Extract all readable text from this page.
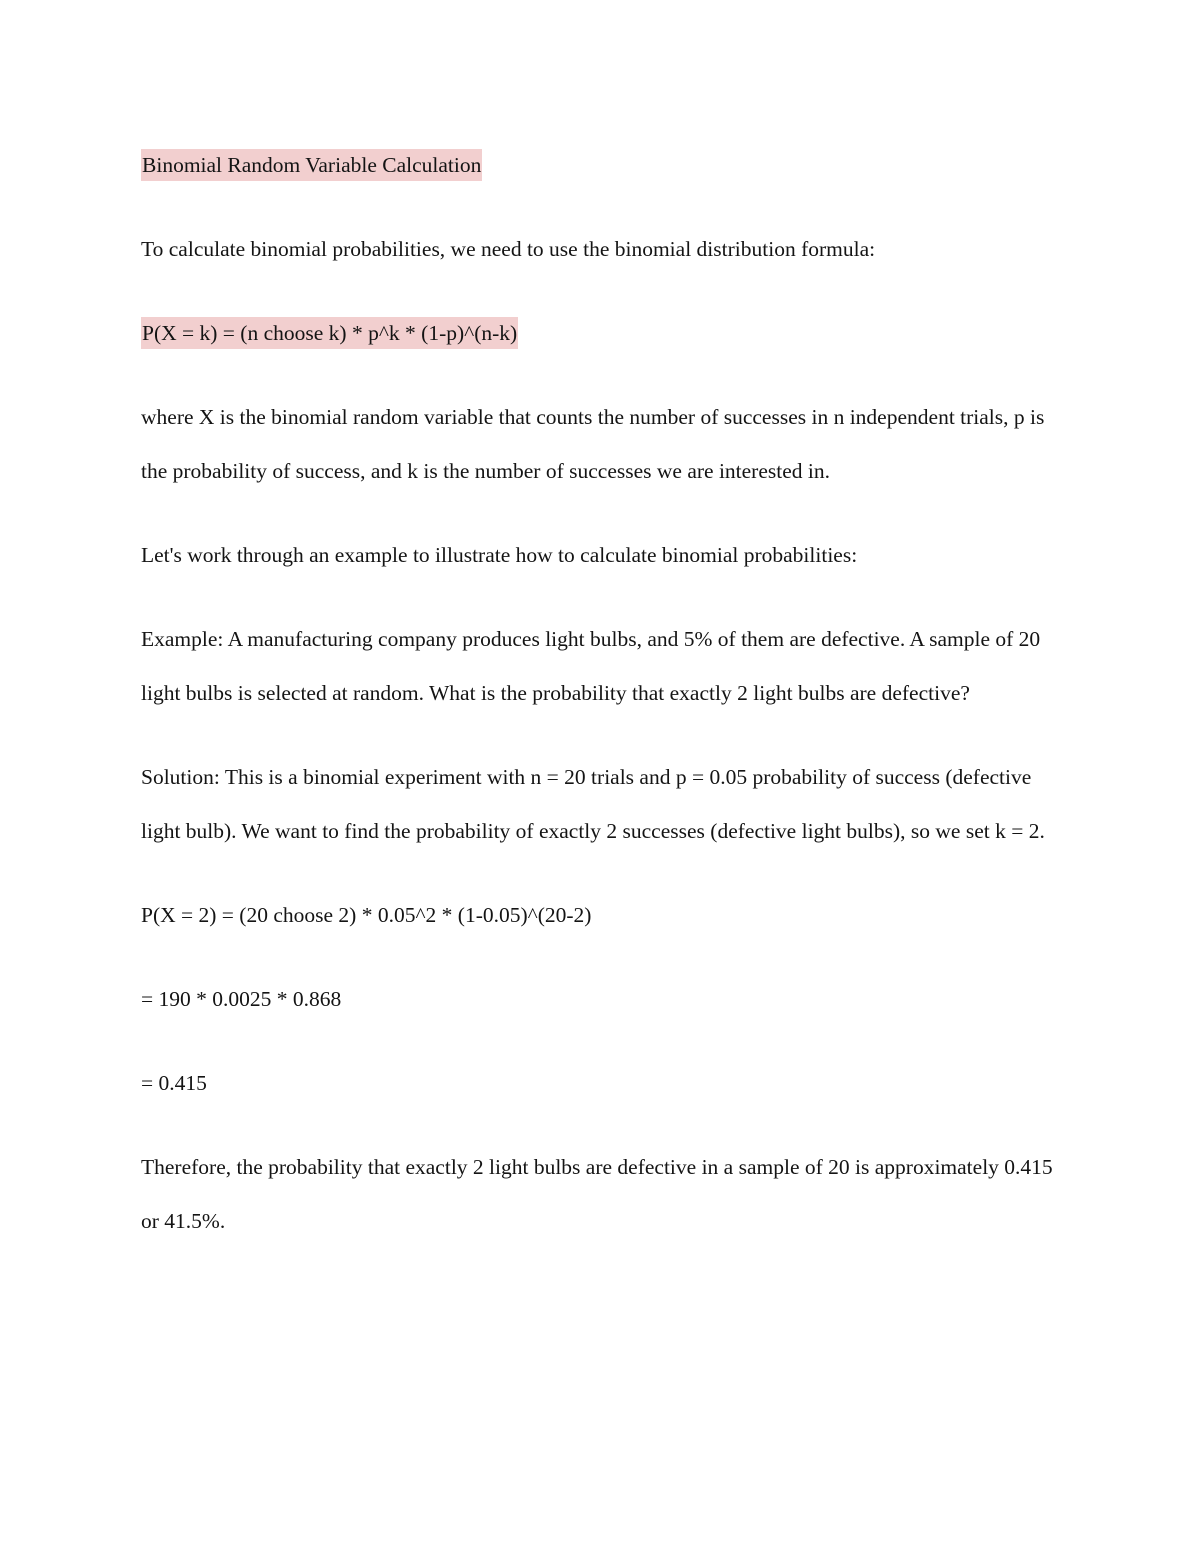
Binomial Random Variable Calculation

To calculate binomial probabilities, we need to use the binomial distribution formula:

P(X = k) = (n choose k) * p^k * (1-p)^(n-k)

where X is the binomial random variable that counts the number of successes in n independent trials, p is the probability of success, and k is the number of successes we are interested in.

Let's work through an example to illustrate how to calculate binomial probabilities:

Example: A manufacturing company produces light bulbs, and 5% of them are defective. A sample of 20 light bulbs is selected at random. What is the probability that exactly 2 light bulbs are defective?

Solution: This is a binomial experiment with n = 20 trials and p = 0.05 probability of success (defective light bulb). We want to find the probability of exactly 2 successes (defective light bulbs), so we set k = 2.

P(X = 2) = (20 choose 2) * 0.05^2 * (1-0.05)^(20-2)

= 190 * 0.0025 * 0.868

= 0.415

Therefore, the probability that exactly 2 light bulbs are defective in a sample of 20 is approximately 0.415 or 41.5%.
